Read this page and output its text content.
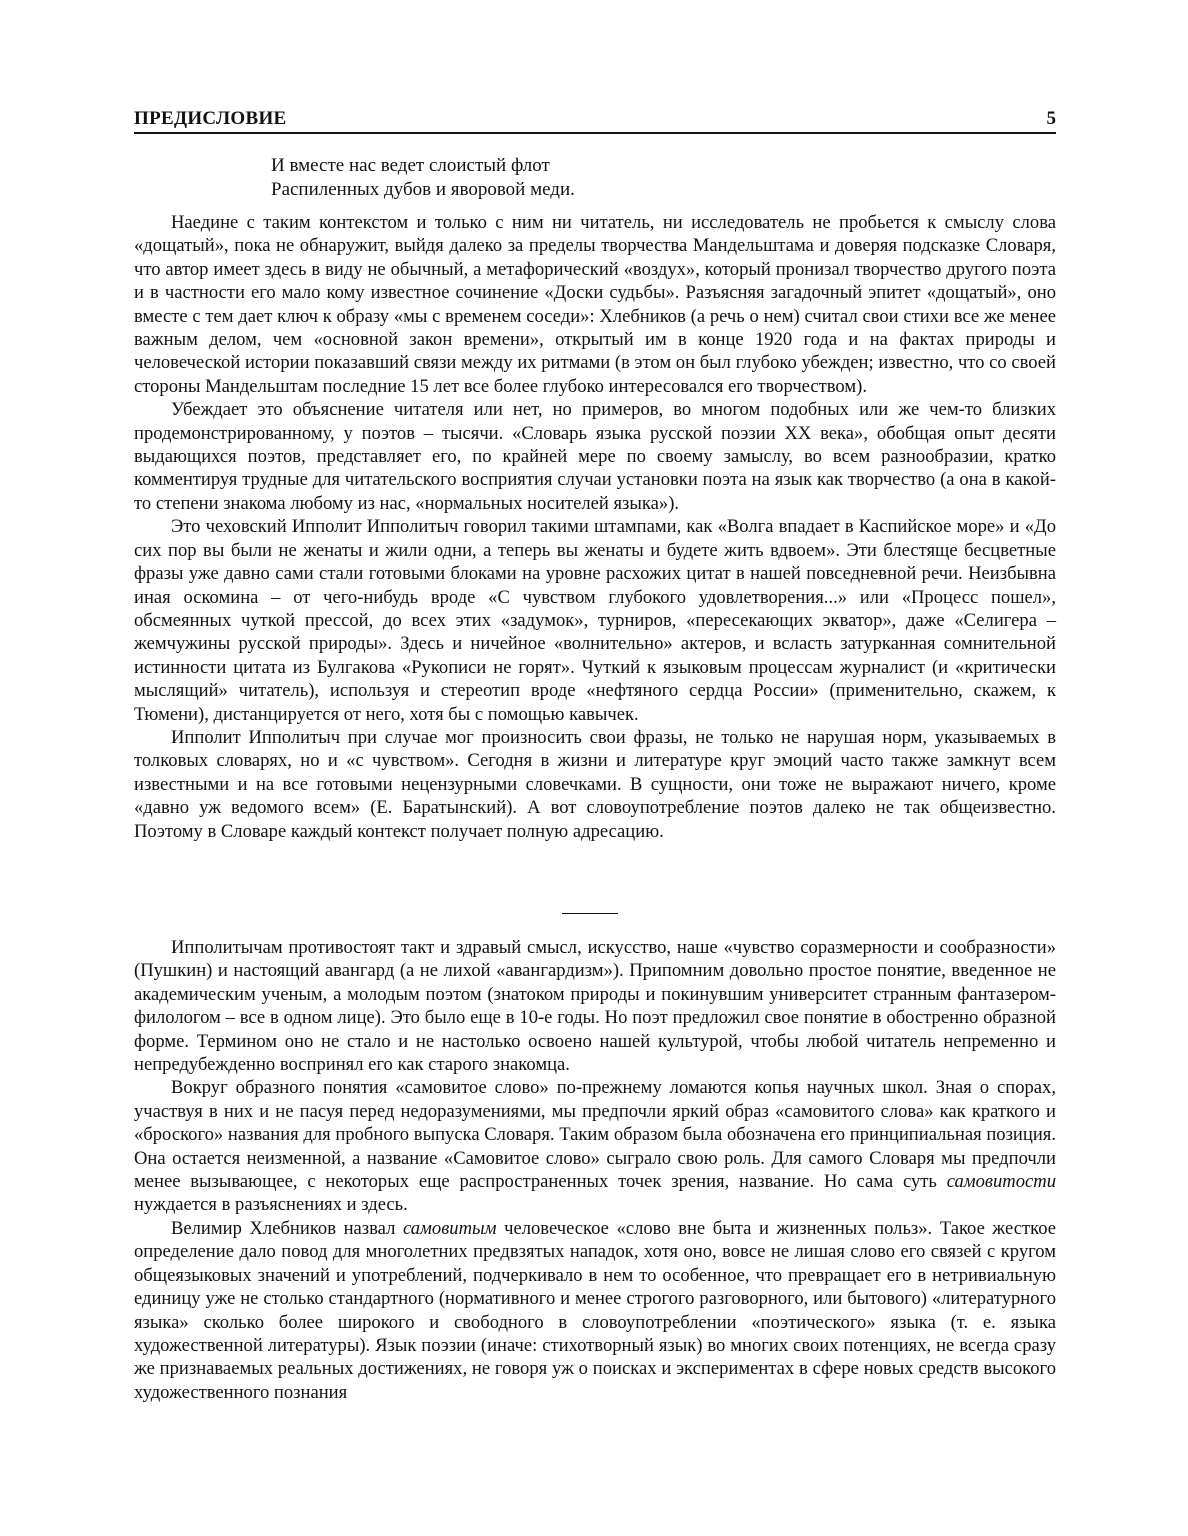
ПРЕДИСЛОВИЕ	5
И вместе нас ведет слоистый флот
Распиленных дубов и яворовой меди.

Наедине с таким контекстом и только с ним ни читатель, ни исследователь не пробьется к смыслу слова «дощатый», пока не обнаружит, выйдя далеко за пределы творчества Мандельштама и доверяя подсказке Словаря, что автор имеет здесь в виду не обычный, а метафорический «воздух», который пронизал творчество другого поэта и в частности его мало кому известное сочинение «Доски судьбы». Разъясняя загадочный эпитет «дощатый», оно вместе с тем дает ключ к образу «мы с временем соседи»: Хлебников (а речь о нем) считал свои стихи все же менее важным делом, чем «основной закон времени», открытый им в конце 1920 года и на фактах природы и человеческой истории показавший связи между их ритмами (в этом он был глубоко убежден; известно, что со своей стороны Мандельштам последние 15 лет все более глубоко интересовался его творчеством).

Убеждает это объяснение читателя или нет, но примеров, во многом подобных или же чем-то близких продемонстрированному, у поэтов – тысячи. «Словарь языка русской поэзии XX века», обобщая опыт десяти выдающихся поэтов, представляет его, по крайней мере по своему замыслу, во всем разнообразии, кратко комментируя трудные для читательского восприятия случаи установки поэта на язык как творчество (а она в какой-то степени знакома любому из нас, «нормальных носителей языка»).

Это чеховский Ипполит Ипполитыч говорил такими штампами, как «Волга впадает в Каспийское море» и «До сих пор вы были не женаты и жили одни, а теперь вы женаты и будете жить вдвоем». Эти блестяще бесцветные фразы уже давно сами стали готовыми блоками на уровне расхожих цитат в нашей повседневной речи. Неизбывна иная оскомина – от чего-нибудь вроде «С чувством глубокого удовлетворения...» или «Процесс пошел», обсмеянных чуткой прессой, до всех этих «задумок», турниров, «пересекающих экватор», даже «Селигера – жемчужины русской природы». Здесь и ничейное «волнительно» актеров, и всласть затурканная сомнительной истинности цитата из Булгакова «Рукописи не горят». Чуткий к языковым процессам журналист (и «критически мыслящий» читатель), используя и стереотип вроде «нефтяного сердца России» (применительно, скажем, к Тюмени), дистанцируется от него, хотя бы с помощью кавычек.

Ипполит Ипполитыч при случае мог произносить свои фразы, не только не нарушая норм, указываемых в толковых словарях, но и «с чувством». Сегодня в жизни и литературе круг эмоций часто также замкнут всем известными и на все готовыми нецензурными словечками. В сущности, они тоже не выражают ничего, кроме «давно уж ведомого всем» (Е. Баратынский). А вот словоупотребление поэтов далеко не так общеизвестно. Поэтому в Словаре каждый контекст получает полную адресацию.

Ипполитычам противостоят такт и здравый смысл, искусство, наше «чувство соразмерности и сообразности» (Пушкин) и настоящий авангард (а не лихой «авангардизм»). Припомним довольно простое понятие, введенное не академическим ученым, а молодым поэтом (знатоком природы и покинувшим университет странным фантазером-филологом – все в одном лице). Это было еще в 10-е годы. Но поэт предложил свое понятие в обостренно образной форме. Термином оно не стало и не настолько освоено нашей культурой, чтобы любой читатель непременно и непредубежденно воспринял его как старого знакомца.

Вокруг образного понятия «самовитое слово» по-прежнему ломаются копья научных школ. Зная о спорах, участвуя в них и не пасуя перед недоразумениями, мы предпочли яркий образ «самовитого слова» как краткого и «броского» названия для пробного выпуска Словаря. Таким образом была обозначена его принципиальная позиция. Она остается неизменной, а название «Самовитое слово» сыграло свою роль. Для самого Словаря мы предпочли менее вызывающее, с некоторых еще распространенных точек зрения, название. Но сама суть самовитости нуждается в разъяснениях и здесь.

Велимир Хлебников назвал самовитым человеческое «слово вне быта и жизненных польз». Такое жесткое определение дало повод для многолетних предвзятых нападок, хотя оно, вовсе не лишая слово его связей с кругом общеязыковых значений и употреблений, подчеркивало в нем то особенное, что превращает его в нетривиальную единицу уже не столько стандартного (нормативного и менее строгого разговорного, или бытового) «литературного языка» сколько более широкого и свободного в словоупотреблении «поэтического» языка (т. е. языка художественной литературы). Язык поэзии (иначе: стихотворный язык) во многих своих потенциях, не всегда сразу же признаваемых реальных достижениях, не говоря уж о поисках и экспериментах в сфере новых средств высокого художественного познания
